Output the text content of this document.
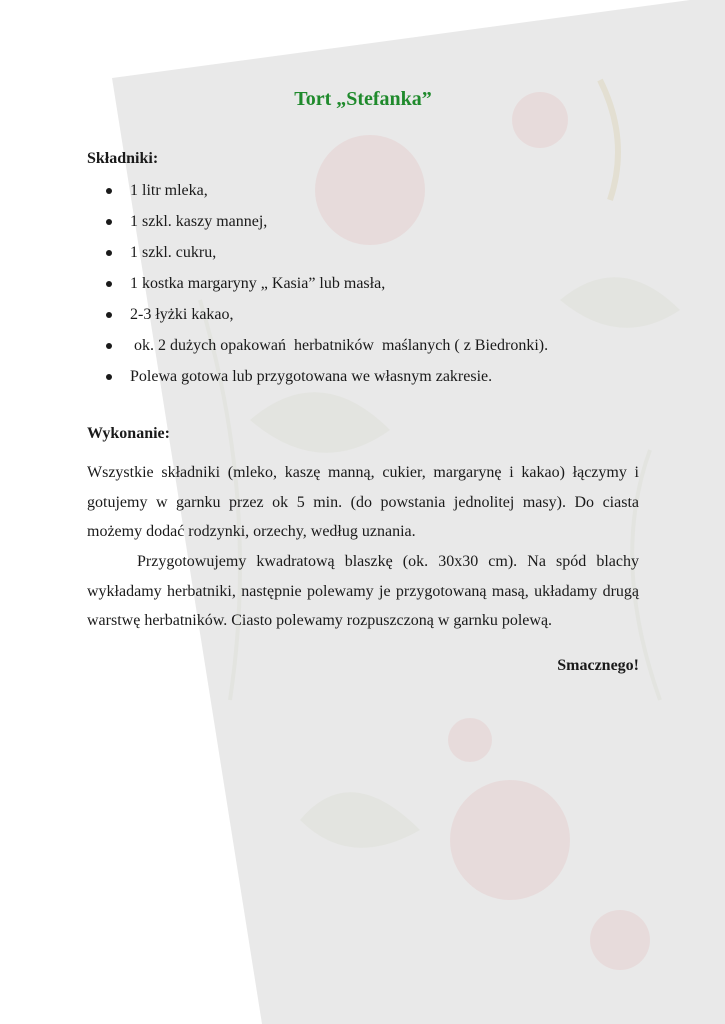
Tort „Stefanka”

Składniki:

1 litr mleka,
1 szkl. kaszy mannej,
1 szkl. cukru,
1 kostka margaryny „ Kasia” lub masła,
2-3 łyżki kakao,
ok. 2 dużych opakowań  herbatników  maślanych ( z Biedronki).
Polewa gotowa lub przygotowana we własnym zakresie.

Wykonanie:

Wszystkie składniki (mleko, kaszę manną, cukier, margarynę i kakao) łączymy i gotujemy w garnku przez ok 5 min. (do powstania jednolitej masy). Do ciasta możemy dodać rodzynki, orzechy, według uznania.

Przygotowujemy kwadratową blaszkę (ok. 30x30 cm). Na spód blachy wykładamy herbatniki, następnie polewamy je przygotowaną masą, układamy drugą warstwę herbatników. Ciasto polewamy rozpuszczoną w garnku polewą.

Smacznego!
